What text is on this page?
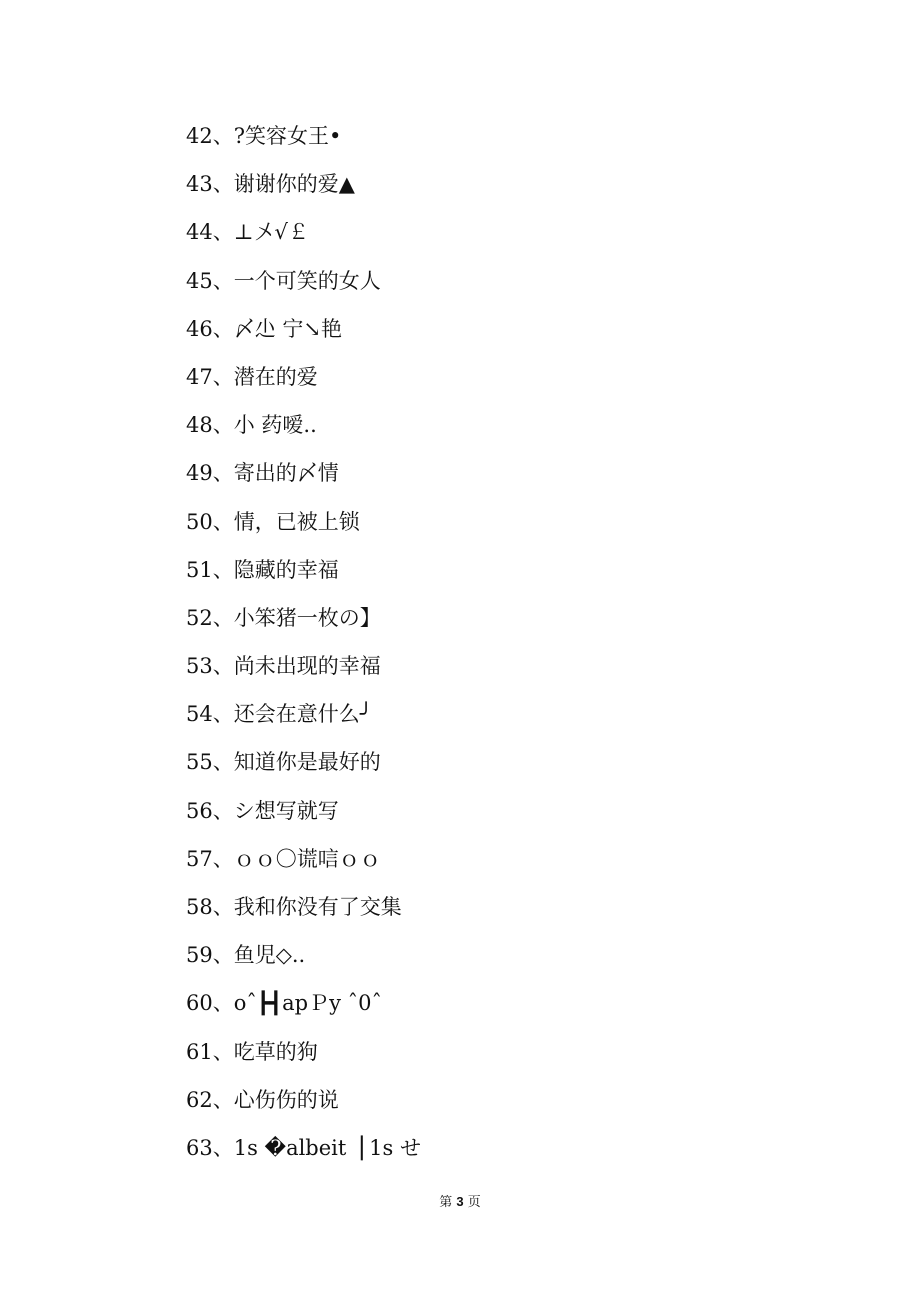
42、?笑容女王•
43、谢谢你的爱▲
44、⊥〤√￡
45、一个可笑的女人
46、〆尐 宁↘艳
47、潜在的爱
48、小 药嗳..
49、寄出的〆情
50、情，已被上锁
51、隐藏的幸福
52、小笨猪一枚の】
53、尚未出现的幸福
54、还会在意什么╯
55、知道你是最好的
56、シ想写就写
57、ｏｏ〇谎唁ｏｏ
58、我和你没有了交集
59、鱼児◇..
60、oˆ┣┫apＰy ˆ0ˆ
61、吃草的狗
62、心伤伤的说
63、1s �albeit▕ 1s せ
第 3 页
